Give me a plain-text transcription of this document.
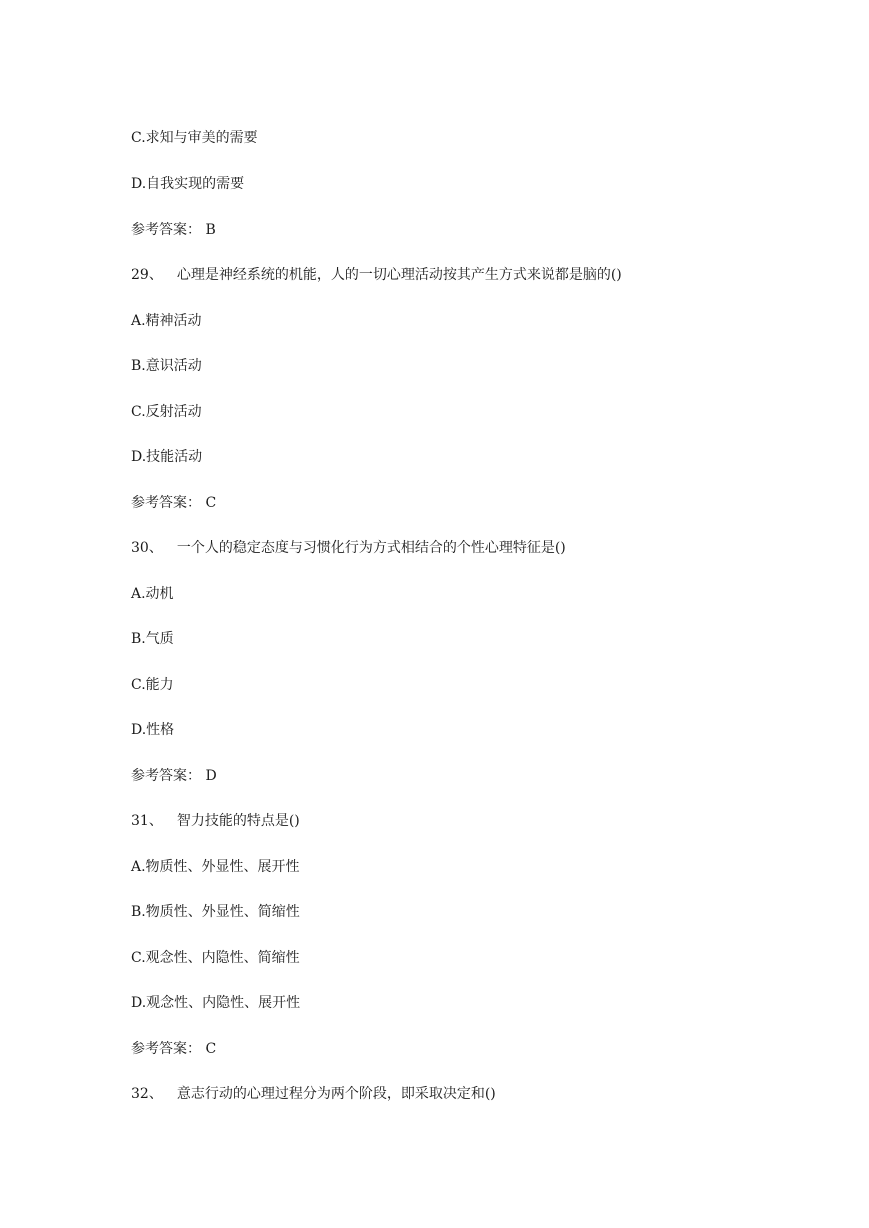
C.求知与审美的需要
D.自我实现的需要
参考答案： B
29、 心理是神经系统的机能，人的一切心理活动按其产生方式来说都是脑的()
A.精神活动
B.意识活动
C.反射活动
D.技能活动
参考答案： C
30、 一个人的稳定态度与习惯化行为方式相结合的个性心理特征是()
A.动机
B.气质
C.能力
D.性格
参考答案： D
31、 智力技能的特点是()
A.物质性、外显性、展开性
B.物质性、外显性、简缩性
C.观念性、内隐性、简缩性
D.观念性、内隐性、展开性
参考答案： C
32、 意志行动的心理过程分为两个阶段，即采取决定和()
